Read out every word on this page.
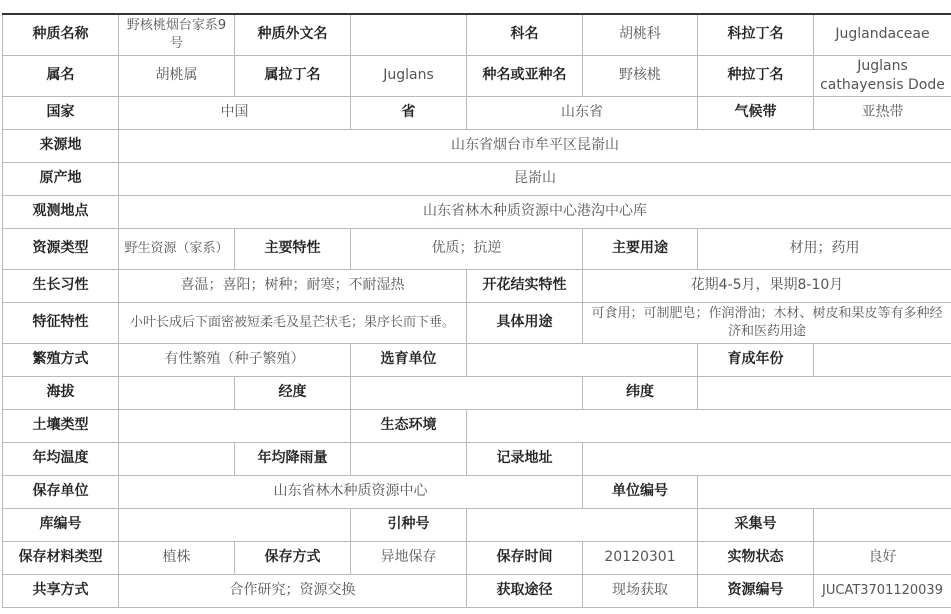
种质名称	野核桃烟台家系9号	种质外文名		科名	胡桃科	科拉丁名	Juglandaceae
属名	胡桃属	属拉丁名	Juglans	种名或亚种名	野核桃	种拉丁名	Juglans cathayensis Dode
国家	中国		省	山东省		气候带	亚热带
来源地	山东省烟台市牟平区昆嵛山						
原产地	昆嵛山						
观测地点	山东省林木种质资源中心港沟中心库						
资源类型	野生资源（家系）	主要特性	优质；抗逆		主要用途	材用；药用	
生长习性	喜温；喜阳；树种；耐寒；不耐湿热			开花结实特性	花期4-5月，果期8-10月		
特征特性	小叶长成后下面密被短柔毛及星芒状毛；果序长而下垂。			具体用途	可食用；可制肥皂；作润滑油；木材、树皮和果皮等有多种经济和医药用途		
繁殖方式	有性繁殖（种子繁殖）		选育单位			育成年份	
海拔		经度			纬度		
土壤类型			生态环境				
年均温度		年均降雨量		记录地址			
保存单位	山东省林木种质资源中心				单位编号		
库编号			引种号			采集号	
保存材料类型	植株	保存方式	异地保存	保存时间	20120301	实物状态	良好
共享方式	合作研究；资源交换			获取途径	现场获取	资源编号	JUCAT3701120039
